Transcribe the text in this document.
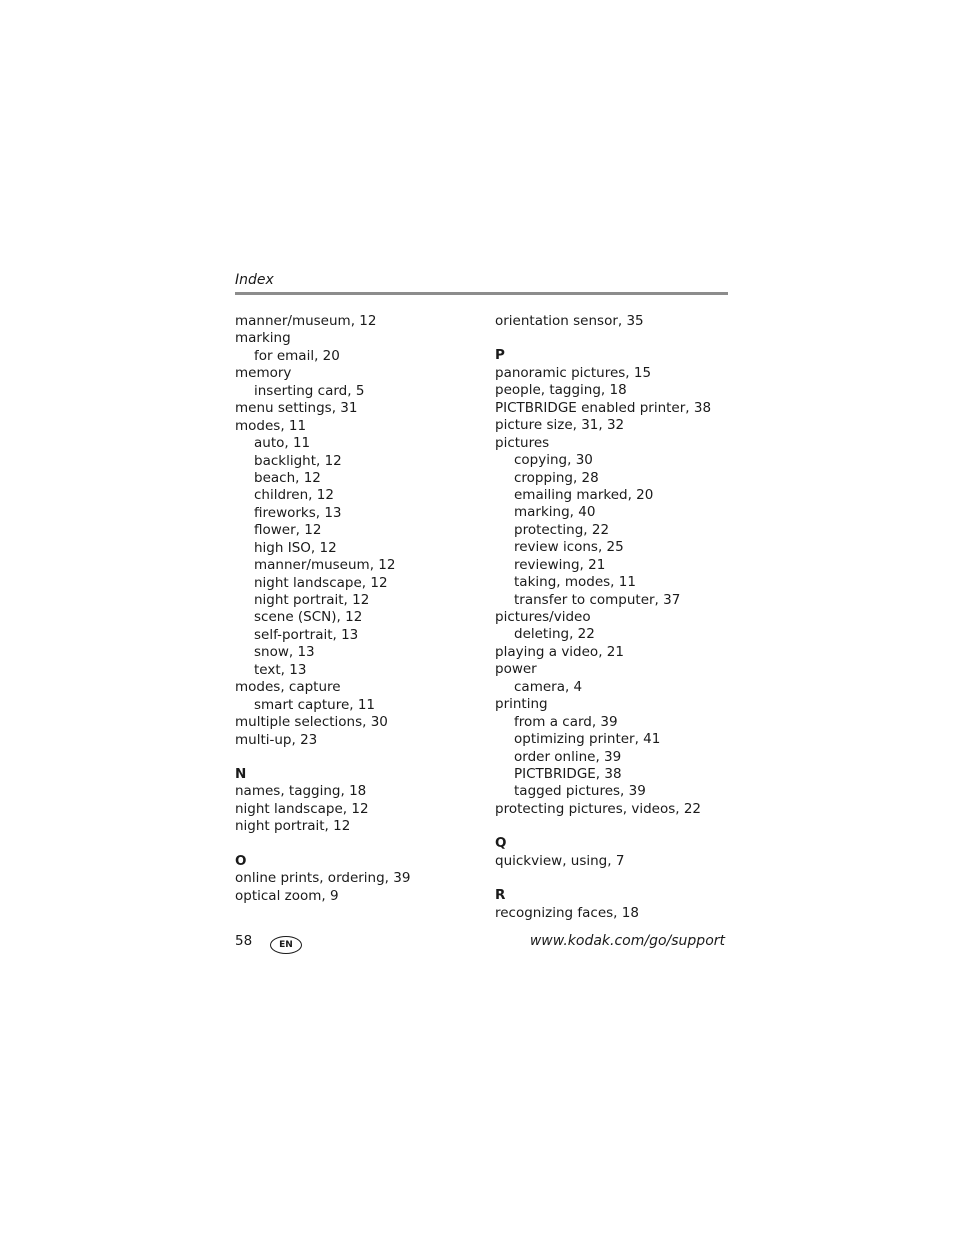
Index
manner/museum, 12
marking
for email, 20
memory
inserting card, 5
menu settings, 31
modes, 11
auto, 11
backlight, 12
beach, 12
children, 12
fireworks, 13
flower, 12
high ISO, 12
manner/museum, 12
night landscape, 12
night portrait, 12
scene (SCN), 12
self-portrait, 13
snow, 13
text, 13
modes, capture
smart capture, 11
multiple selections, 30
multi-up, 23
N
names, tagging, 18
night landscape, 12
night portrait, 12
O
online prints, ordering, 39
optical zoom, 9
orientation sensor, 35
P
panoramic pictures, 15
people, tagging, 18
PICTBRIDGE enabled printer, 38
picture size, 31, 32
pictures
copying, 30
cropping, 28
emailing marked, 20
marking, 40
protecting, 22
review icons, 25
reviewing, 21
taking, modes, 11
transfer to computer, 37
pictures/video
deleting, 22
playing a video, 21
power
camera, 4
printing
from a card, 39
optimizing printer, 41
order online, 39
PICTBRIDGE, 38
tagged pictures, 39
protecting pictures, videos, 22
Q
quickview, using, 7
R
recognizing faces, 18
58	EN	www.kodak.com/go/support
